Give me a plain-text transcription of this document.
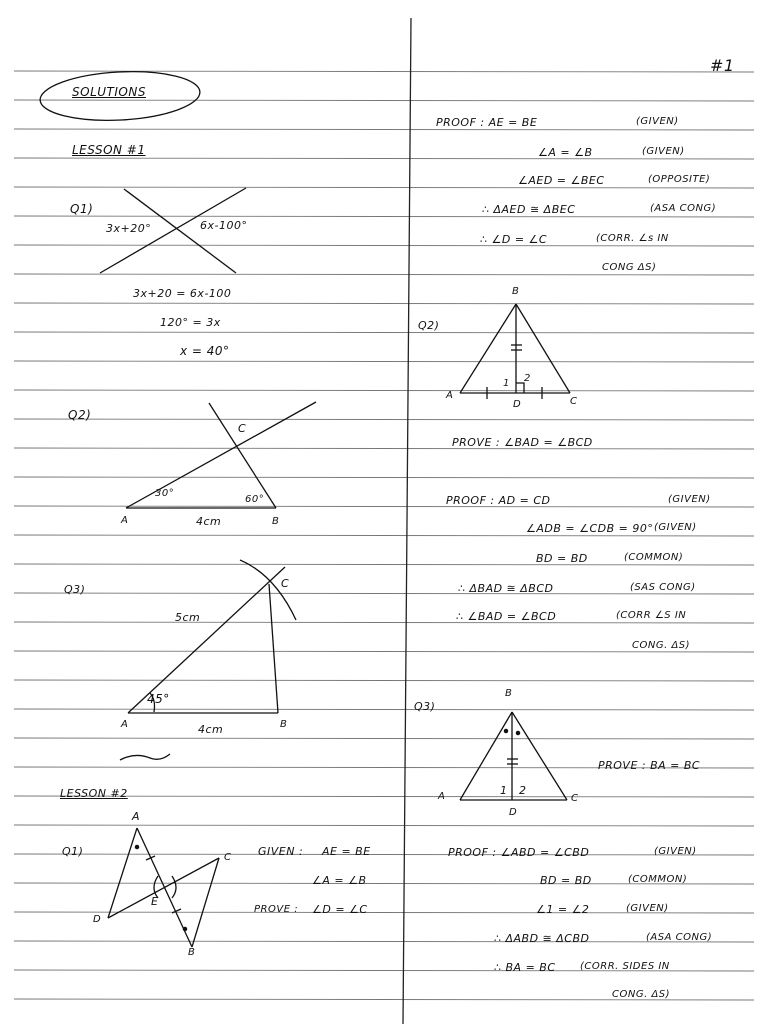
#1
SOLUTIONS
LESSON #1
Q1)
3x+20°	6x-100°
3x+20 = 6x-100
120° = 3x
x = 40°
Q2)
C
30°
60°
A	4cm	B
Q3)	C
5cm
45°
A	4cm	B
LESSON #2
A
Q1)	C
E
D
B
GIVEN : AE = BE
∠A = ∠B
PROVE : ∠D = ∠C
PROOF : AE = BE	(GIVEN)
∠A = ∠B	(GIVEN)
∠AED = ∠BEC	(OPPOSITE)
∴ ΔAED ≅ ΔBEC	(ASA CONG)
∴ ∠D = ∠C	(CORR. ∠s IN
CONG ΔS)
Q2)
B
1 2
A
D	C
PROVE : ∠BAD = ∠BCD
PROOF : AD = CD	(GIVEN)
∠ADB = ∠CDB = 90° (GIVEN)
BD = BD	(COMMON)
∴ ΔBAD ≅ ΔBCD	(SAS CONG)
∴ ∠BAD = ∠BCD	(CORR ∠S IN
CONG. ΔS)
Q3)
B
PROVE : BA = BC
A	1 2
C
D
PROOF : ∠ABD = ∠CBD	(GIVEN)
BD = BD	(COMMON)
∠1 = ∠2	(GIVEN)
∴ ΔABD ≅ ΔCBD	(ASA CONG)
∴ BA = BC (CORR. SIDES IN
CONG. ΔS)
